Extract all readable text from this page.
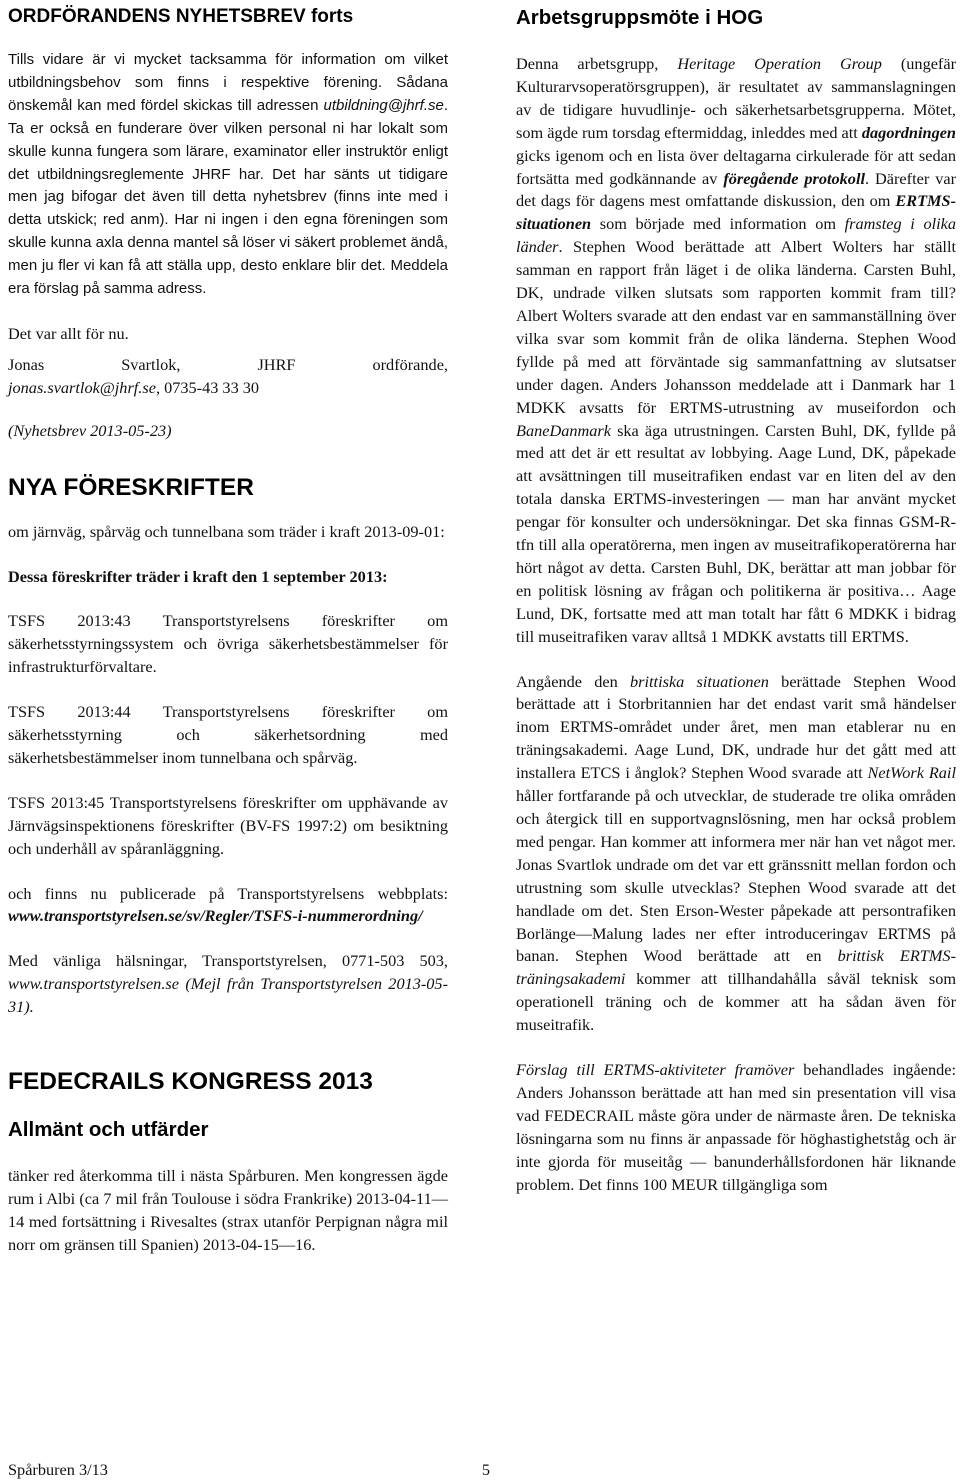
ORDFÖRANDENS NYHETSBREV forts

Tills vidare är vi mycket tacksamma för information om vilket utbildningsbehov som finns i respektive förening. Sådana önskemål kan med fördel skickas till adressen utbildning@jhrf.se. Ta er också en funderare över vilken personal ni har lokalt som skulle kunna fungera som lärare, examinator eller instruktör enligt det utbildningsreglemente JHRF har. Det har sänts ut tidigare men jag bifogar det även till detta nyhetsbrev (finns inte med i detta utskick; red anm). Har ni ingen i den egna föreningen som skulle kunna axla denna mantel så löser vi säkert problemet ändå, men ju fler vi kan få att ställa upp, desto enklare blir det. Meddela era förslag på samma adress.

Det var allt för nu.

Jonas	Svartlok,	JHRF	ordförande,
jonas.svartlok@jhrf.se, 0735-43 33 30

(Nyhetsbrev 2013-05-23)

NYA FÖRESKRIFTER

om järnväg, spårväg och tunnelbana som träder i kraft 2013-09-01:

Dessa föreskrifter träder i kraft den 1 september 2013:

TSFS 2013:43 Transportstyrelsens föreskrifter om säkerhetsstyrningssystem och övriga säkerhetsbestämmelser för infrastrukturförvaltare.

TSFS 2013:44 Transportstyrelsens föreskrifter om säkerhetsstyrning och säkerhetsordning med säkerhetsbestämmelser inom tunnelbana och spårväg.

TSFS 2013:45 Transportstyrelsens föreskrifter om upphävande av Järnvägsinspektionens föreskrifter (BV-FS 1997:2) om besiktning och underhåll av spåranläggning.

och finns nu publicerade på Transportstyrelsens webbplats: www.transportstyrelsen.se/sv/Regler/TSFS-i-nummerordning/

Med vänliga hälsningar, Transportstyrelsen, 0771-503 503, www.transportstyrelsen.se (Mejl från Transportstyrelsen 2013-05-31).

FEDECRAILS KONGRESS 2013
Allmänt och utfärder

tänker red återkomma till i nästa Spårburen. Men kongressen ägde rum i Albi (ca 7 mil från Toulouse i södra Frankrike) 2013-04-11—14 med fortsättning i Rivesaltes (strax utanför Perpignan några mil norr om gränsen till Spanien) 2013-04-15—16.

Arbetsgruppsmöte i HOG

Denna arbetsgrupp, Heritage Operation Group (ungefär Kulturarvsoperatörsgruppen), är resultatet av sammanslagningen av de tidigare huvudlinje- och säkerhetsarbetsgrupperna. Mötet, som ägde rum torsdag eftermiddag, inleddes med att dagordningen gicks igenom och en lista över deltagarna cirkulerade för att sedan fortsätta med godkännande av föregående protokoll. Därefter var det dags för dagens mest omfattande diskussion, den om ERTMS-situationen som började med information om framsteg i olika länder. Stephen Wood berättade att Albert Wolters har ställt samman en rapport från läget i de olika länderna. Carsten Buhl, DK, undrade vilken slutsats som rapporten kommit fram till? Albert Wolters svarade att den endast var en sammanställning över vilka svar som kommit från de olika länderna. Stephen Wood fyllde på med att förväntade sig sammanfattning av slutsatser under dagen. Anders Johansson meddelade att i Danmark har 1 MDKK avsatts för ERTMS-utrustning av museifordon och BaneDanmark ska äga utrustningen. Carsten Buhl, DK, fyllde på med att det är ett resultat av lobbying. Aage Lund, DK, påpekade att avsättningen till museitrafiken endast var en liten del av den totala danska ERTMS-investeringen — man har använt mycket pengar för konsulter och undersökningar. Det ska finnas GSM-R-tfn till alla operatörerna, men ingen av museitrafikoperatörerna har hört något av detta. Carsten Buhl, DK, berättar att man jobbar för en politisk lösning av frågan och politikerna är positiva… Aage Lund, DK, fortsatte med att man totalt har fått 6 MDKK i bidrag till museitrafiken varav alltså 1 MDKK avstatts till ERTMS.

Angående den brittiska situationen berättade Stephen Wood berättade att i Storbritannien har det endast varit små händelser inom ERTMS-området under året, men man etablerar nu en träningsakademi. Aage Lund, DK, undrade hur det gått med att installera ETCS i ånglok? Stephen Wood svarade att NetWork Rail håller fortfarande på och utvecklar, de studerade tre olika områden och återgick till en supportvagnslösning, men har också problem med pengar. Han kommer att informera mer när han vet något mer. Jonas Svartlok undrade om det var ett gränssnitt mellan fordon och utrustning som skulle utvecklas? Stephen Wood svarade att det handlade om det. Sten Erson-Wester påpekade att persontrafiken Borlänge—Malung lades ner efter introduceringav ERTMS på banan. Stephen Wood berättade att en brittisk ERTMS-träningsakademi kommer att tillhandahålla såväl teknisk som operationell träning och de kommer att ha sådan även för museitrafik.

Förslag till ERTMS-aktiviteter framöver behandlades ingående: Anders Johansson berättade att han med sin presentation vill visa vad FEDECRAIL måste göra under de närmaste åren. De tekniska lösningarna som nu finns är anpassade för höghastighetståg och är inte gjorda för museitåg — banunderhållsfordonen här liknande problem. Det finns 100 MEUR tillgängliga som

Spårburen 3/13	5
